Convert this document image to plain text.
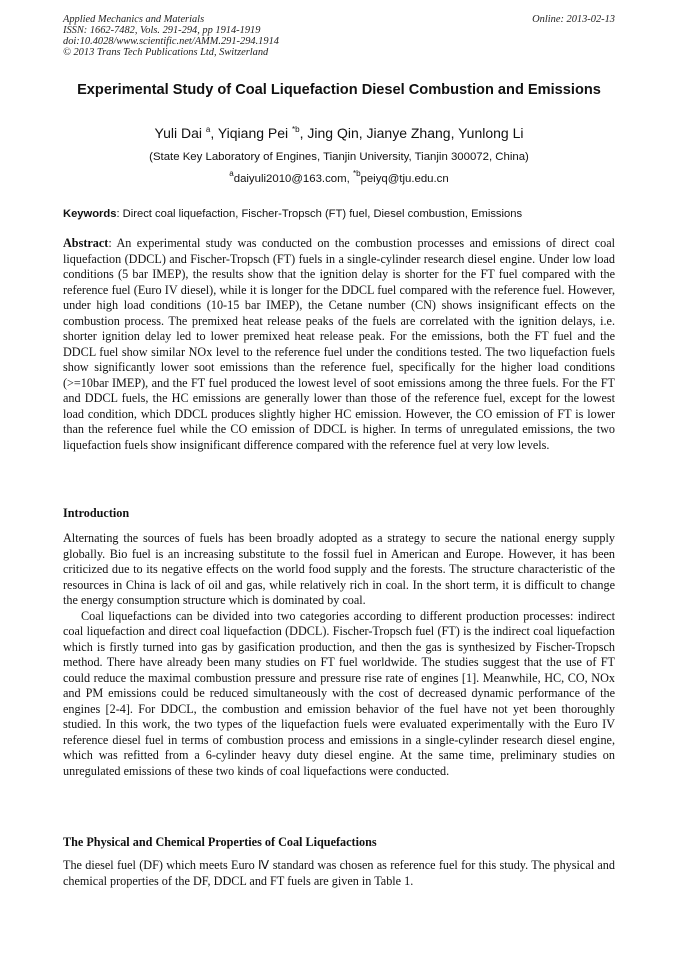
Applied Mechanics and Materials
ISSN: 1662-7482, Vols. 291-294, pp 1914-1919
doi:10.4028/www.scientific.net/AMM.291-294.1914
© 2013 Trans Tech Publications Ltd, Switzerland
Online: 2013-02-13
Experimental Study of Coal Liquefaction Diesel Combustion and Emissions
Yuli Dai $^a$, Yiqiang Pei $^{*b}$, Jing Qin, Jianye Zhang, Yunlong Li
(State Key Laboratory of Engines, Tianjin University, Tianjin 300072, China)
$^a$daiyuli2010@163.com, $^{*b}$peiyq@tju.edu.cn
Keywords: Direct coal liquefaction, Fischer-Tropsch (FT) fuel, Diesel combustion, Emissions

Abstract: An experimental study was conducted on the combustion processes and emissions of direct coal liquefaction (DDCL) and Fischer-Tropsch (FT) fuels in a single-cylinder research diesel engine. Under low load conditions (5 bar IMEP), the results show that the ignition delay is shorter for the FT fuel compared with the reference fuel (Euro IV diesel), while it is longer for the DDCL fuel compared with the reference fuel. However, under high load conditions (10-15 bar IMEP), the Cetane number (CN) shows insignificant effects on the combustion process. The premixed heat release peaks of the fuels are correlated with the ignition delays, i.e. shorter ignition delay led to lower premixed heat release peak. For the emissions, both the FT fuel and the DDCL fuel show similar NOx level to the reference fuel under the conditions tested. The two liquefaction fuels show significantly lower soot emissions than the reference fuel, specifically for the higher load conditions (>=10bar IMEP), and the FT fuel produced the lowest level of soot emissions among the three fuels. For the FT and DDCL fuels, the HC emissions are generally lower than those of the reference fuel, except for the lowest load condition, which DDCL produces slightly higher HC emission. However, the CO emission of FT is lower than the reference fuel while the CO emission of DDCL is higher. In terms of unregulated emissions, the two liquefaction fuels show insignificant difference compared with the reference fuel at very low levels.

Introduction

Alternating the sources of fuels has been broadly adopted as a strategy to secure the national energy supply globally. Bio fuel is an increasing substitute to the fossil fuel in American and Europe. However, it has been criticized due to its negative effects on the world food supply and the forests. The structure characteristic of the resources in China is lack of oil and gas, while relatively rich in coal. In the short term, it is difficult to change the energy consumption structure which is dominated by coal.

Coal liquefactions can be divided into two categories according to different production processes: indirect coal liquefaction and direct coal liquefaction (DDCL). Fischer-Tropsch fuel (FT) is the indirect coal liquefaction which is firstly turned into gas by gasification production, and then the gas is synthesized by Fischer-Tropsch method. There have already been many studies on FT fuel worldwide. The studies suggest that the use of FT could reduce the maximal combustion pressure and pressure rise rate of engines [1]. Meanwhile, HC, CO, NOx and PM emissions could be reduced simultaneously with the cost of decreased dynamic performance of the engines [2-4]. For DDCL, the combustion and emission behavior of the fuel have not yet been thoroughly studied. In this work, the two types of the liquefaction fuels were evaluated experimentally with the Euro IV reference diesel fuel in terms of combustion process and emissions in a single-cylinder research diesel engine, which was refitted from a 6-cylinder heavy duty diesel engine. At the same time, preliminary studies on unregulated emissions of these two kinds of coal liquefactions were conducted.

The Physical and Chemical Properties of Coal Liquefactions

The diesel fuel (DF) which meets Euro Ⅳ standard was chosen as reference fuel for this study. The physical and chemical properties of the DF, DDCL and FT fuels are given in Table 1.
